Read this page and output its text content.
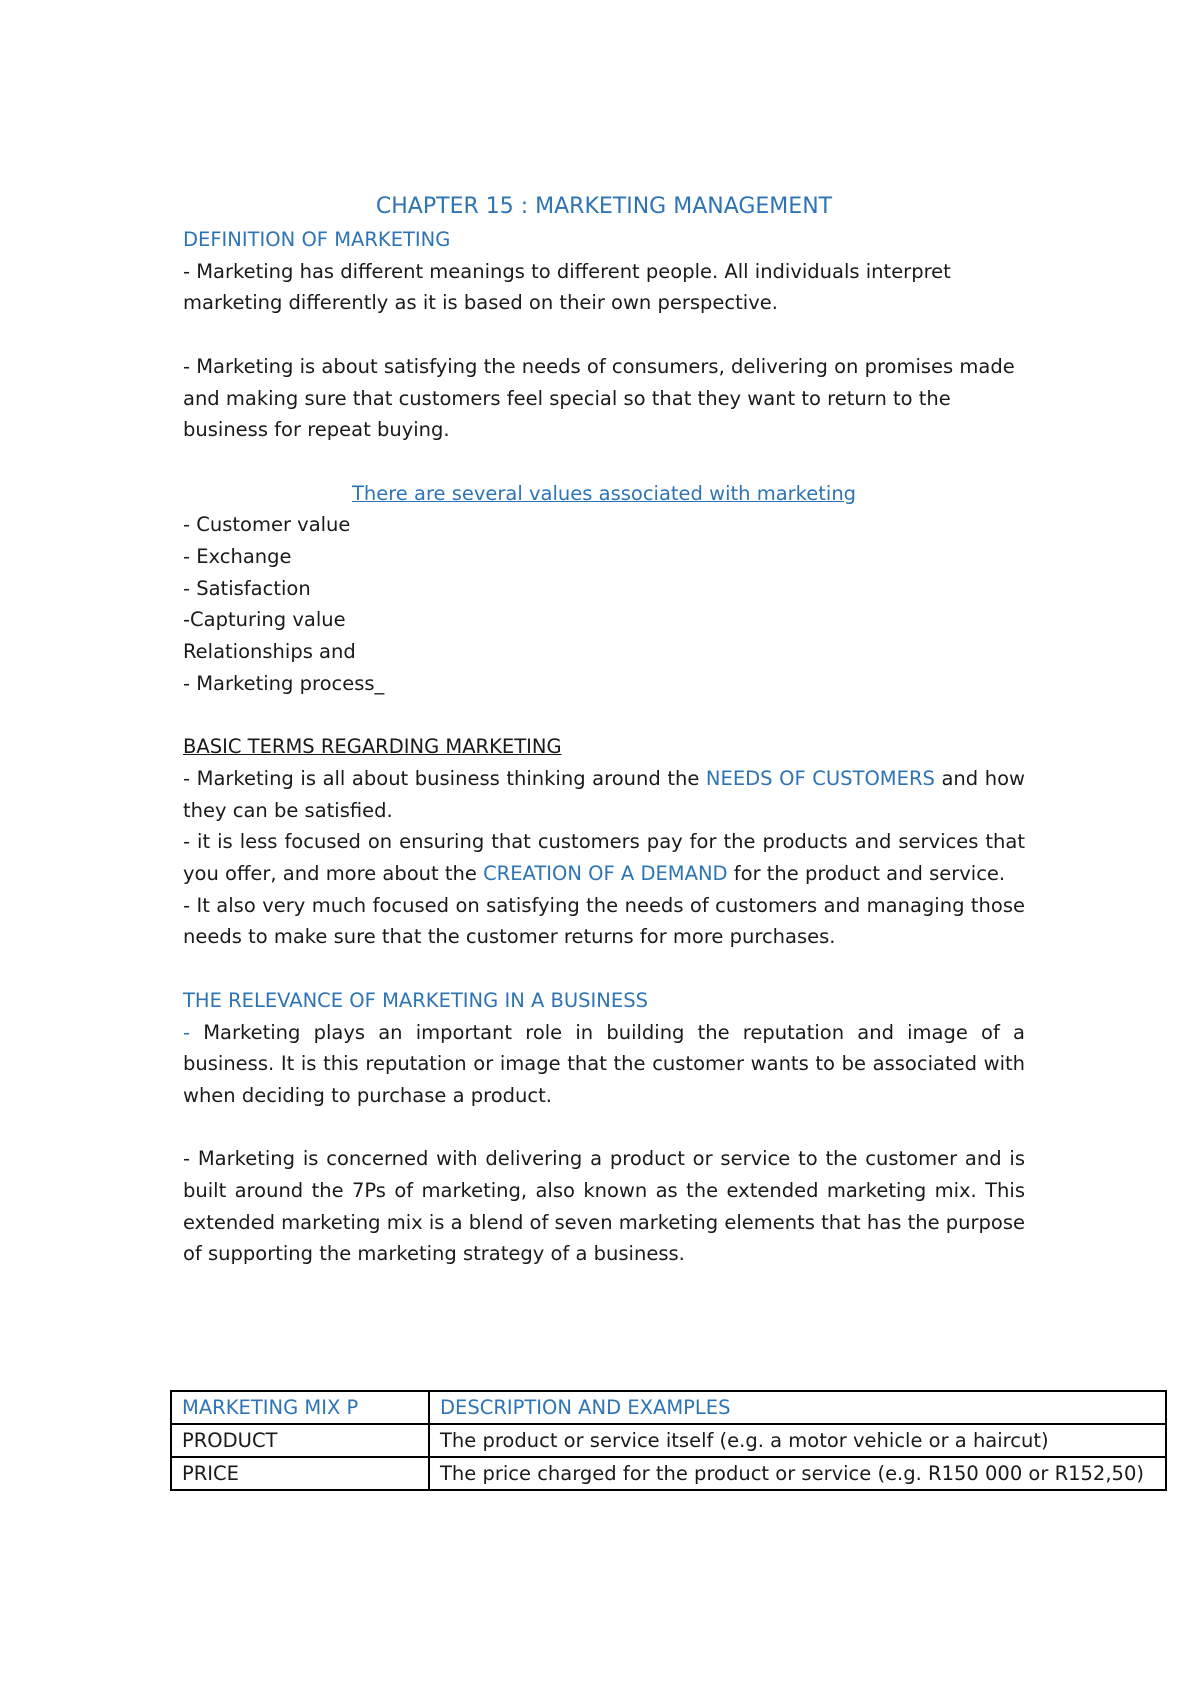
CHAPTER 15 : MARKETING MANAGEMENT

DEFINITION OF MARKETING

- Marketing has different meanings to different people. All individuals interpret marketing differently as it is based on their own perspective.

- Marketing is about satisfying the needs of consumers, delivering on promises made and making sure that customers feel special so that they want to return to the business for repeat buying.

There are several values associated with marketing

- Customer value
- Exchange
- Satisfaction
-Capturing value
Relationships and
- Marketing process_

BASIC TERMS REGARDING MARKETING

- Marketing is all about business thinking around the NEEDS OF CUSTOMERS and how they can be satisfied.

- it is less focused on ensuring that customers pay for the products and services that you offer, and more about the CREATION OF A DEMAND for the product and service.

- It also very much focused on satisfying the needs of customers and managing those needs to make sure that the customer returns for more purchases.

THE RELEVANCE OF MARKETING IN A BUSINESS

- Marketing plays an important role in building the reputation and image of a business. It is this reputation or image that the customer wants to be associated with when deciding to purchase a product.

- Marketing is concerned with delivering a product or service to the customer and is built around the 7Ps of marketing, also known as the extended marketing mix. This extended marketing mix is a blend of seven marketing elements that has the purpose of supporting the marketing strategy of a business.

MARKETING MIX P	DESCRIPTION AND EXAMPLES
PRODUCT	The product or service itself (e.g. a motor vehicle or a haircut)
PRICE	The price charged for the product or service (e.g. R150 000 or R152,50)
